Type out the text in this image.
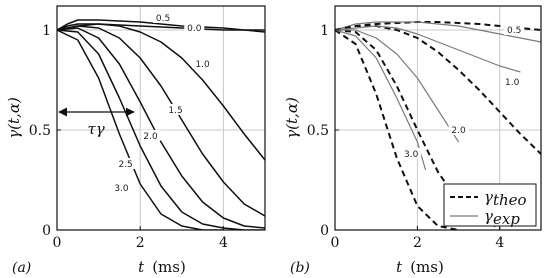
0.5
0.0
1.0
1.5
2.0
2.5
3.0
0	2	4
0
0.5
1
τγ
γ(t,α)
t (ms)
(a)
0.5
1.0
2.0
3.0
0	2	4
0
0.5
1
γtheo
γexp
γ(t,α)
t (ms)
(b)
